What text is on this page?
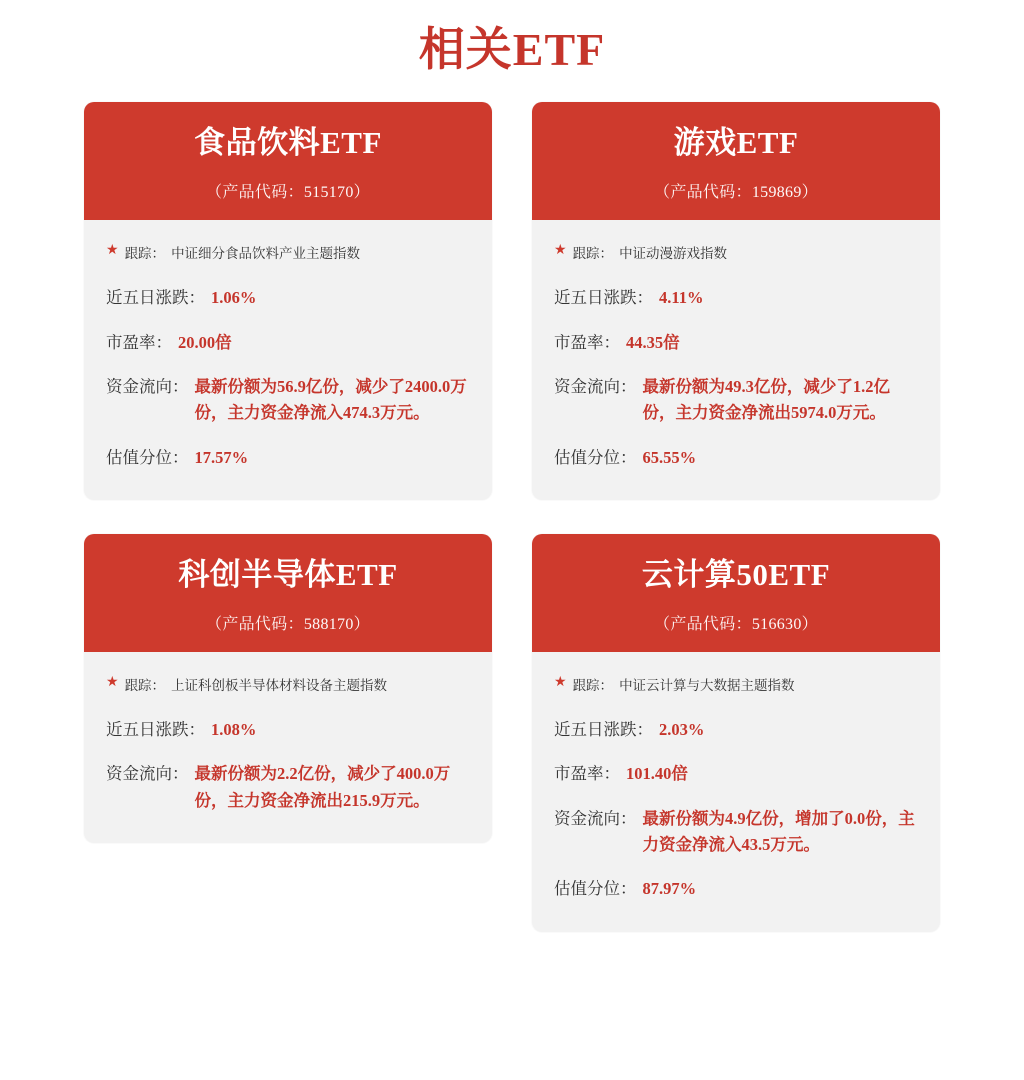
相关ETF
食品饮料ETF
（产品代码：515170）
★ 跟踪： 中证细分食品饮料产业主题指数
近五日涨跌： 1.06%
市盈率： 20.00倍
资金流向： 最新份额为56.9亿份，减少了2400.0万份，主力资金净流入474.3万元。
估值分位： 17.57%
游戏ETF
（产品代码：159869）
★ 跟踪： 中证动漫游戏指数
近五日涨跌： 4.11%
市盈率： 44.35倍
资金流向： 最新份额为49.3亿份，减少了1.2亿份，主力资金净流出5974.0万元。
估值分位： 65.55%
科创半导体ETF
（产品代码：588170）
★ 跟踪： 上证科创板半导体材料设备主题指数
近五日涨跌： 1.08%
资金流向： 最新份额为2.2亿份，减少了400.0万份，主力资金净流出215.9万元。
云计算50ETF
（产品代码：516630）
★ 跟踪： 中证云计算与大数据主题指数
近五日涨跌： 2.03%
市盈率： 101.40倍
资金流向： 最新份额为4.9亿份，增加了0.0份，主力资金净流入43.5万元。
估值分位： 87.97%
